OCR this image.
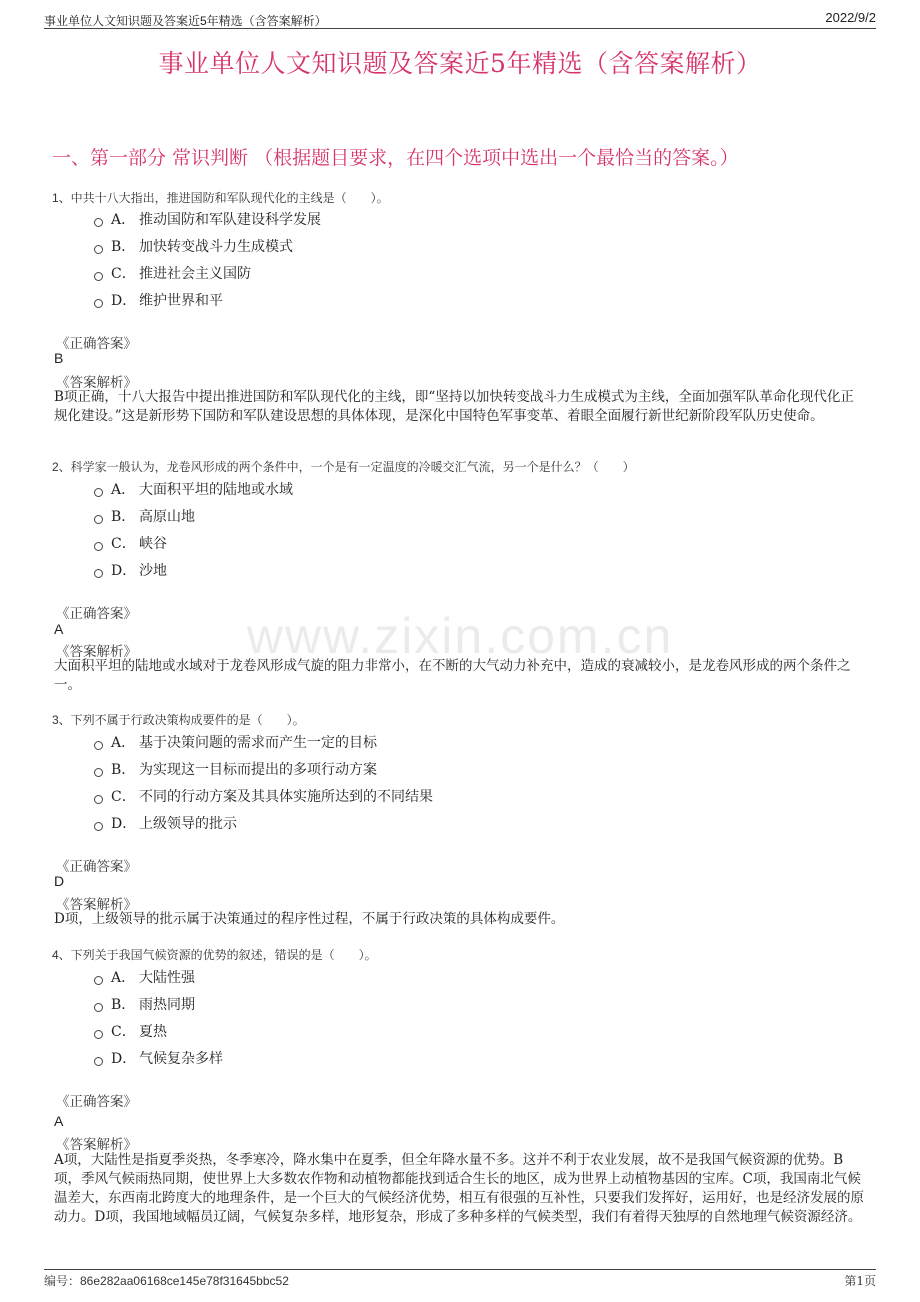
事业单位人文知识题及答案近5年精选（含答案解析）	2022/9/2
事业单位人文知识题及答案近5年精选（含答案解析）
一、第一部分 常识判断 （根据题目要求，在四个选项中选出一个最恰当的答案。）
www.zixin.com.cn
1、中共十八大指出，推进国防和军队现代化的主线是（　　）。
A． 推动国防和军队建设科学发展
B． 加快转变战斗力生成模式
C． 推进社会主义国防
D． 维护世界和平
《正确答案》
B
《答案解析》
B项正确，十八大报告中提出推进国防和军队现代化的主线，即“坚持以加快转变战斗力生成模式为主线，全面加强军队革命化现代化正规化建设。”这是新形势下国防和军队建设思想的具体体现，是深化中国特色军事变革、着眼全面履行新世纪新阶段军队历史使命。
2、科学家一般认为，龙卷风形成的两个条件中，一个是有一定温度的冷暖交汇气流，另一个是什么？（　　）
A． 大面积平坦的陆地或水域
B． 高原山地
C． 峡谷
D． 沙地
《正确答案》
A
《答案解析》
大面积平坦的陆地或水域对于龙卷风形成气旋的阻力非常小，在不断的大气动力补充中，造成的衰减较小，是龙卷风形成的两个条件之一。
3、下列不属于行政决策构成要件的是（　　）。
A． 基于决策问题的需求而产生一定的目标
B． 为实现这一目标而提出的多项行动方案
C． 不同的行动方案及其具体实施所达到的不同结果
D． 上级领导的批示
《正确答案》
D
《答案解析》
D项，上级领导的批示属于决策通过的程序性过程，不属于行政决策的具体构成要件。
4、下列关于我国气候资源的优势的叙述，错误的是（　　）。
A． 大陆性强
B． 雨热同期
C． 夏热
D． 气候复杂多样
《正确答案》
A
《答案解析》
A项，大陆性是指夏季炎热，冬季寒冷，降水集中在夏季，但全年降水量不多。这并不利于农业发展，故不是我国气候资源的优势。B项，季风气候雨热同期，使世界上大多数农作物和动植物都能找到适合生长的地区，成为世界上动植物基因的宝库。C项，我国南北气候温差大，东西南北跨度大的地理条件，是一个巨大的气候经济优势，相互有很强的互补性，只要我们发挥好，运用好，也是经济发展的原动力。D项，我国地域幅员辽阔，气候复杂多样，地形复杂，形成了多种多样的气候类型，我们有着得天独厚的自然地理气候资源经济。
编号：86e282aa06168ce145e78f31645bbc52	第1页
